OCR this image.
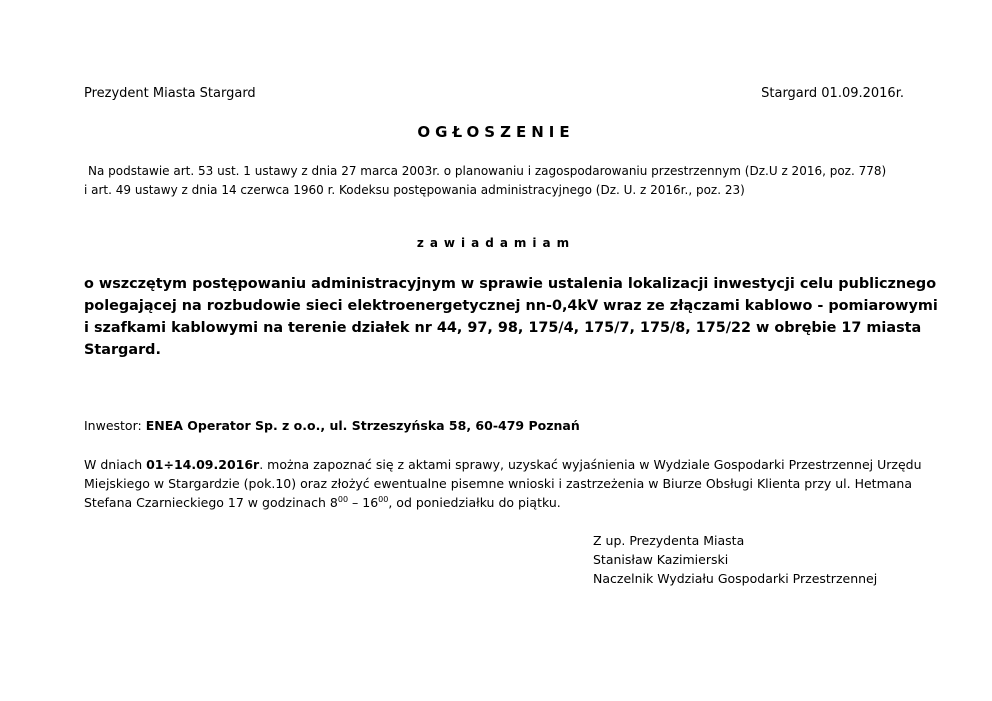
Prezydent Miasta Stargard	Stargard 01.09.2016r.
OGŁOSZENIE
Na podstawie art. 53 ust. 1 ustawy z dnia 27 marca 2003r. o planowaniu i zagospodarowaniu przestrzennym (Dz.U z 2016, poz. 778)
i art. 49 ustawy z dnia 14 czerwca 1960 r. Kodeksu postępowania administracyjnego (Dz. U. z 2016r., poz. 23)
zawiadamiam
o wszczętym postępowaniu administracyjnym w sprawie ustalenia lokalizacji inwestycji celu publicznego
polegającej na rozbudowie sieci elektroenergetycznej nn-0,4kV wraz ze złączami kablowo - pomiarowymi
i szafkami kablowymi na terenie działek nr 44, 97, 98, 175/4, 175/7, 175/8, 175/22 w obrębie 17 miasta
Stargard.
Inwestor: ENEA Operator Sp. z o.o., ul. Strzeszyńska 58, 60-479 Poznań
W dniach 01÷14.09.2016r. można zapoznać się z aktami sprawy, uzyskać wyjaśnienia w Wydziale Gospodarki Przestrzennej Urzędu
Miejskiego w Stargardzie (pok.10) oraz złożyć ewentualne pisemne wnioski i zastrzeżenia w Biurze Obsługi Klienta przy ul. Hetmana
Stefana Czarnieckiego 17 w godzinach $8^{00} - 16^{00}$, od poniedziałku do piątku.
Z up. Prezydenta Miasta
Stanisław Kazimierski
Naczelnik Wydziału Gospodarki Przestrzennej
